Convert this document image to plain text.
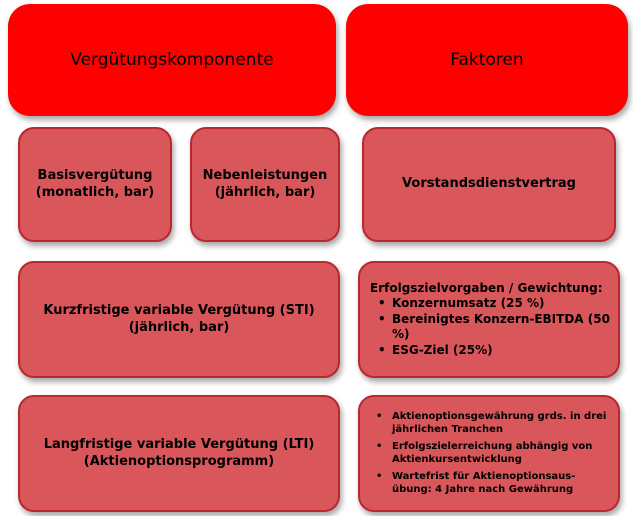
Vergütungskomponente	Faktoren
Basisvergütung
(monatlich, bar)
Nebenleistungen
(jährlich, bar)
Vorstandsdienstvertrag
Kurzfristige variable Vergütung (STI)
(jährlich, bar)
Erfolgszielvorgaben / Gewichtung:
• Konzernumsatz (25 %)
• Bereinigtes Konzern-EBITDA (50 %)
• ESG-Ziel (25%)
Langfristige variable Vergütung (LTI)
(Aktienoptionsprogramm)
• Aktienoptionsgewährung grds. in drei jährlichen Tranchen
• Erfolgszielerreichung abhängig von Aktienkursentwicklung
• Wartefrist für Aktienoptionsaus-übung: 4 Jahre nach Gewährung
